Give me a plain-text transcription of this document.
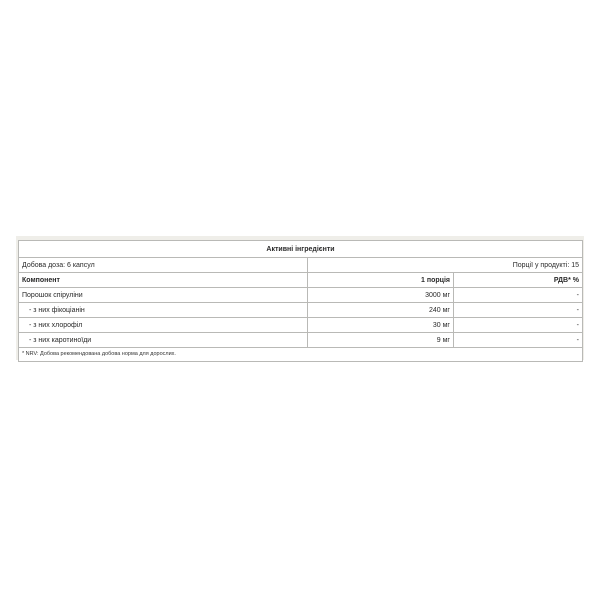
Активні інгредієнти		
Добова доза: 6 капсул	Порції у продукті: 15	
Компонент	1 порція	РДВ* %
Порошок спіруліни	3000 мг	-
- з них фікоціанін	240 мг	-
- з них хлорофіл	30 мг	-
- з них каротиноїди	9 мг	-
* NRV: Добова рекомендована добова норма для дорослих.		
